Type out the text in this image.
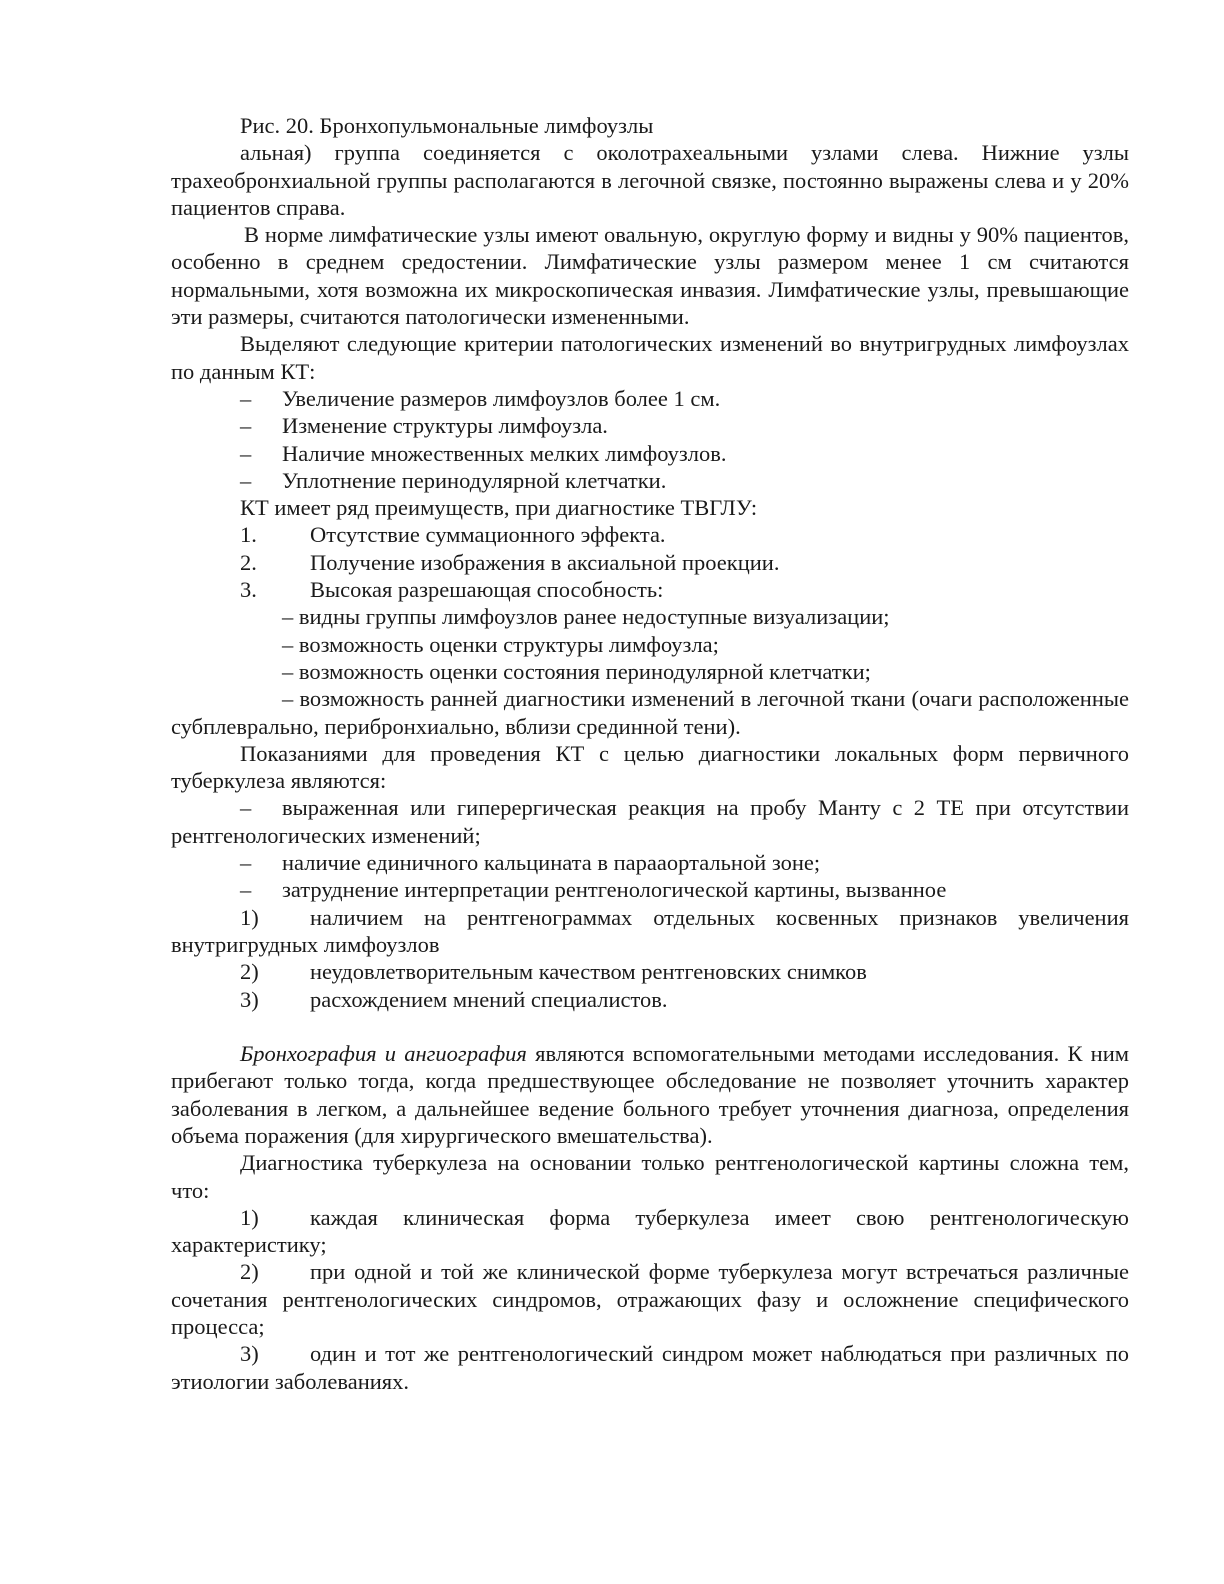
Рис. 20. Бронхопульмональные лимфоузлы

альная) группа соединяется с околотрахеальными узлами слева. Нижние узлы трахеобронхиальной группы располагаются в легочной связке, постоянно выражены слева и у 20% пациентов справа.

В норме лимфатические узлы имеют овальную, округлую форму и видны у 90% пациентов, особенно в среднем средостении. Лимфатические узлы размером менее 1 см считаются нормальными, хотя возможна их микроскопическая инвазия. Лимфатические узлы, превышающие эти размеры, считаются патологически измененными.

Выделяют следующие критерии патологических изменений во внутригрудных лимфоузлах по данным КТ:

– Увеличение размеров лимфоузлов более 1 см.

– Изменение структуры лимфоузла.

– Наличие множественных мелких лимфоузлов.

– Уплотнение перинодулярной клетчатки.

КТ имеет ряд преимуществ, при диагностике ТВГЛУ:

1. Отсутствие суммационного эффекта.

2. Получение изображения в аксиальной проекции.

3. Высокая разрешающая способность:

– видны группы лимфоузлов ранее недоступные визуализации;

– возможность оценки структуры лимфоузла;

– возможность оценки состояния перинодулярной клетчатки;

– возможность ранней диагностики изменений в легочной ткани (очаги расположенные субплеврально, перибронхиально, вблизи срединной тени).

Показаниями для проведения КТ с целью диагностики локальных форм первичного туберкулеза являются:

– выраженная или гиперергическая реакция на пробу Манту с 2 ТЕ при отсутствии рентгенологических изменений;

– наличие единичного кальцината в парааортальной зоне;

– затруднение интерпретации рентгенологической картины, вызванное

1) наличием на рентгенограммах отдельных косвенных признаков увеличения внутригрудных лимфоузлов

2) неудовлетворительным качеством рентгеновских снимков

3) расхождением мнений специалистов.

Бронхография и ангиография являются вспомогательными методами исследования. К ним прибегают только тогда, когда предшествующее обследование не позволяет уточнить характер заболевания в легком, а дальнейшее ведение больного требует уточнения диагноза, определения объема поражения (для хирургического вмешательства).

Диагностика туберкулеза на основании только рентгенологической картины сложна тем, что:

1) каждая клиническая форма туберкулеза имеет свою рентгенологическую характеристику;

2) при одной и той же клинической форме туберкулеза могут встречаться различные сочетания рентгенологических синдромов, отражающих фазу и осложнение специфического процесса;

3) один и тот же рентгенологический синдром может наблюдаться при различных по этиологии заболеваниях.
